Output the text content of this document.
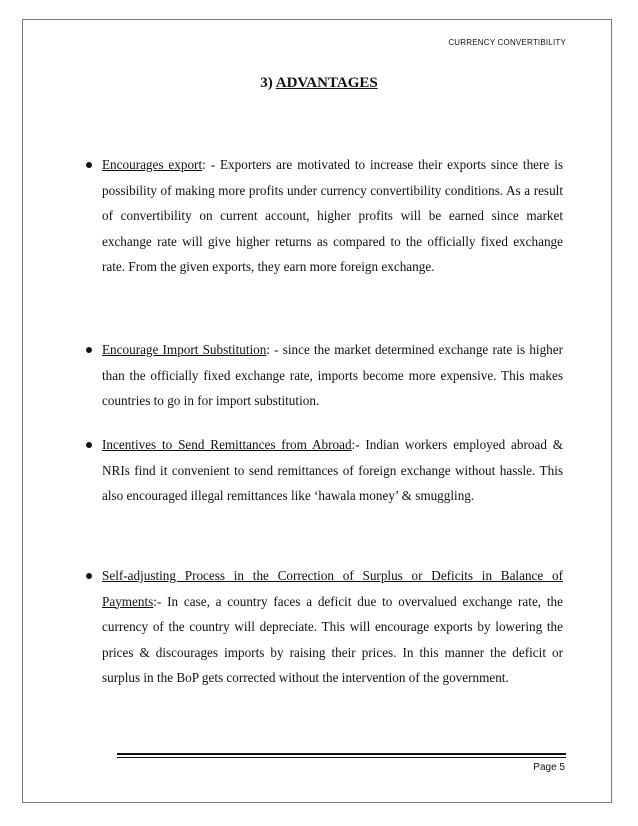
CURRENCY CONVERTIBILITY
3) ADVANTAGES
Encourages export: - Exporters are motivated to increase their exports since there is possibility of making more profits under currency convertibility conditions. As a result of convertibility on current account, higher profits will be earned since market exchange rate will give higher returns as compared to the officially fixed exchange rate. From the given exports, they earn more foreign exchange.
Encourage Import Substitution: - since the market determined exchange rate is higher than the officially fixed exchange rate, imports become more expensive. This makes countries to go in for import substitution.
Incentives to Send Remittances from Abroad:- Indian workers employed abroad & NRIs find it convenient to send remittances of foreign exchange without hassle. This also encouraged illegal remittances like ‘hawala money’ & smuggling.
Self-adjusting Process in the Correction of Surplus or Deficits in Balance of Payments:- In case, a country faces a deficit due to overvalued exchange rate, the currency of the country will depreciate. This will encourage exports by lowering the prices & discourages imports by raising their prices. In this manner the deficit or surplus in the BoP gets corrected without the intervention of the government.
Page 5
